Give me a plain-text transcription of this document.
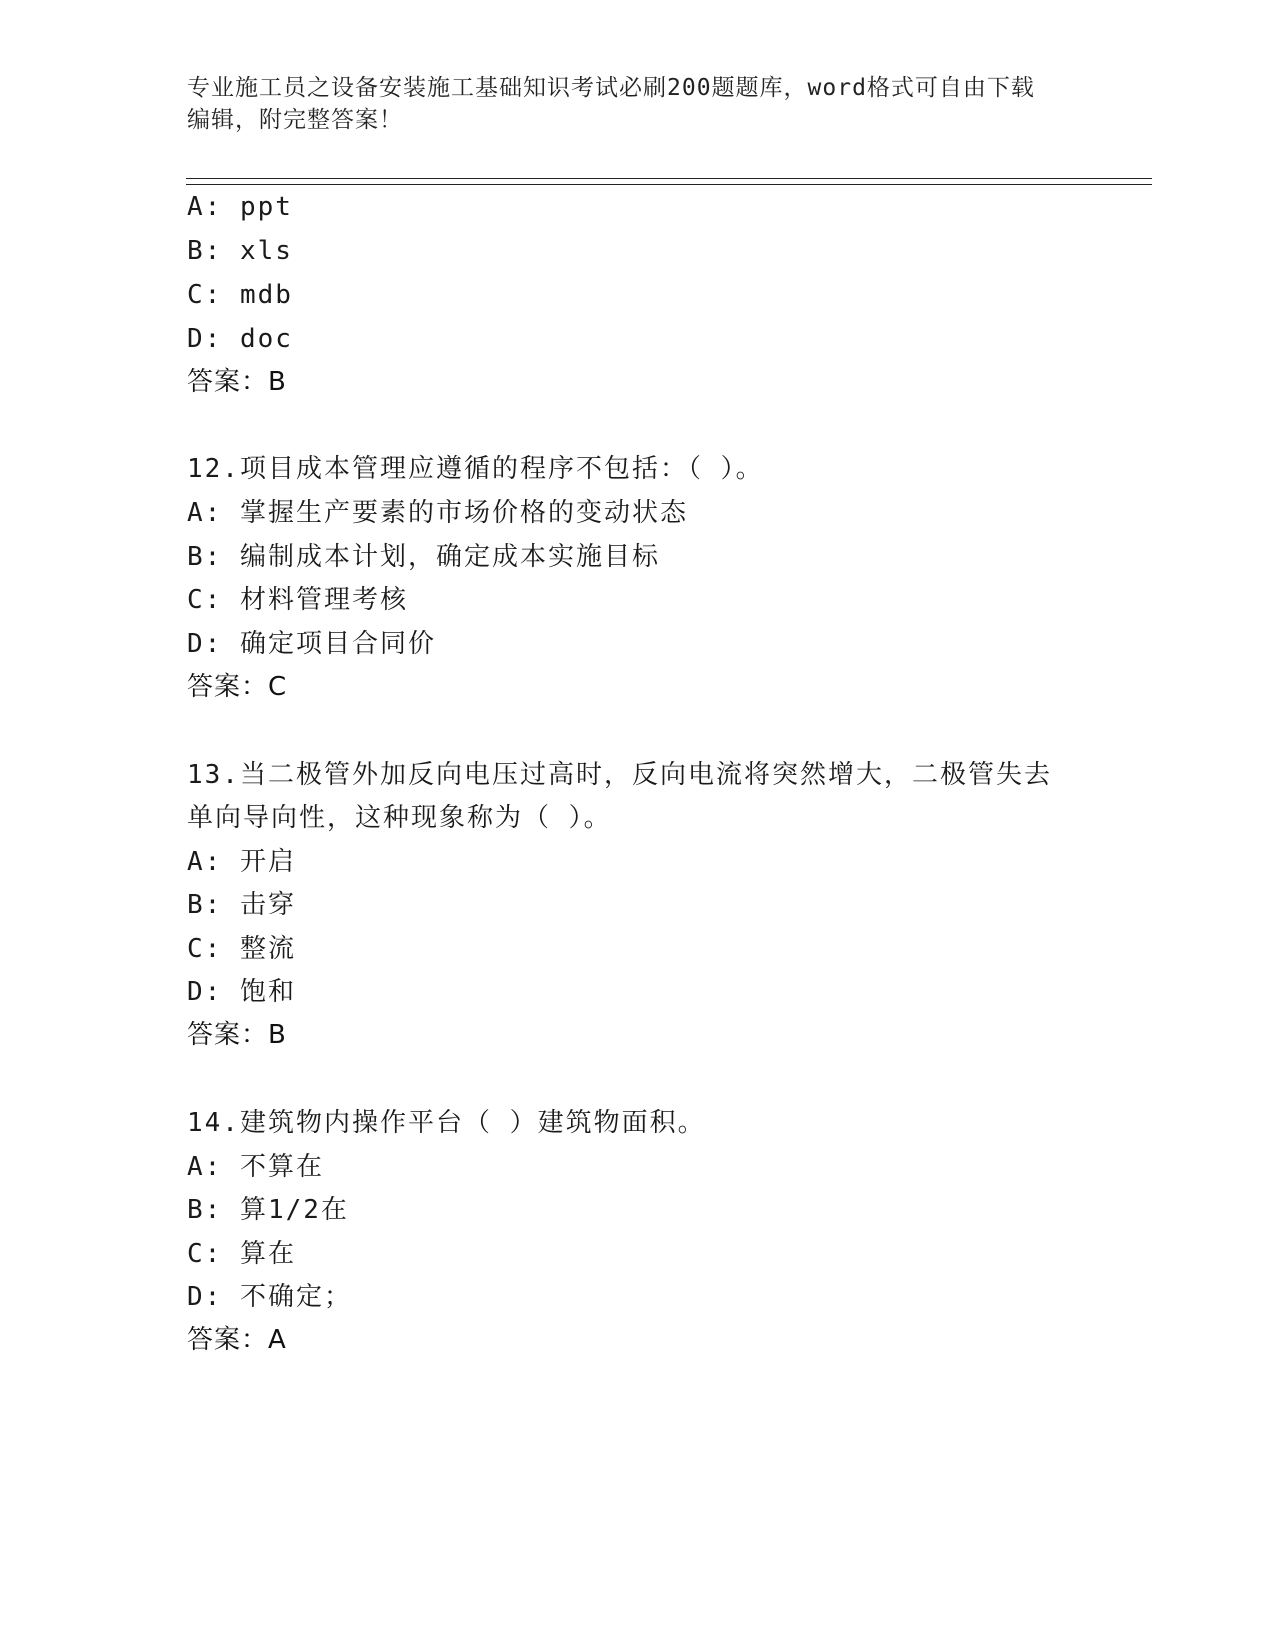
专业施工员之设备安装施工基础知识考试必刷200题题库，word格式可自由下载
编辑，附完整答案！
A: ppt
B: xls
C: mdb
D: doc
答案：B
12.项目成本管理应遵循的程序不包括：（ ）。
A: 掌握生产要素的市场价格的变动状态
B: 编制成本计划，确定成本实施目标
C: 材料管理考核
D: 确定项目合同价
答案：C
13.当二极管外加反向电压过高时，反向电流将突然增大，二极管失去
单向导向性，这种现象称为（ ）。
A: 开启
B: 击穿
C: 整流
D: 饱和
答案：B
14.建筑物内操作平台（ ）建筑物面积。
A: 不算在
B: 算1/2在
C: 算在
D: 不确定；
答案：A
